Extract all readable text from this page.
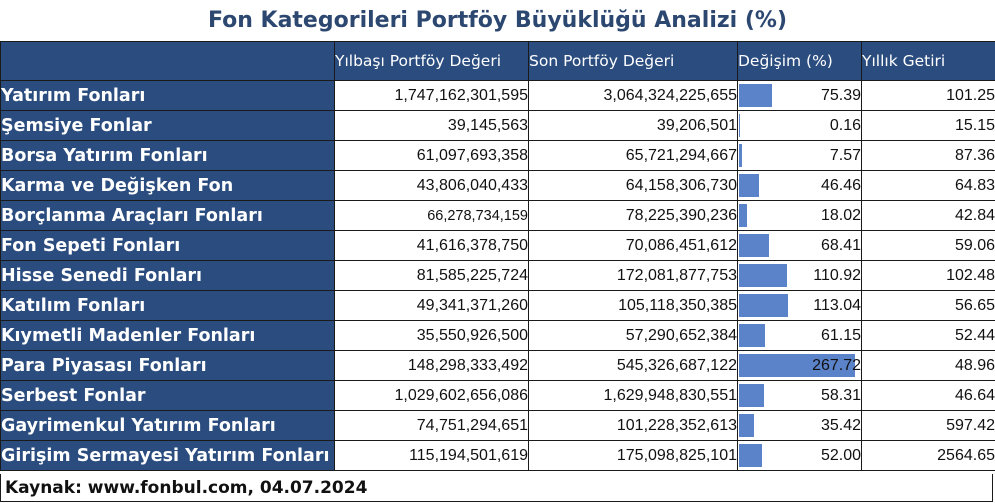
Fon Kategorileri Portföy Büyüklüğü Analizi (%)
	Yılbaşı Portföy Değeri	Son Portföy Değeri	Değişim (%)	Yıllık Getiri
Yatırım Fonları	1,747,162,301,595	3,064,324,225,655	75.39	101.25
Şemsiye Fonlar	39,145,563	39,206,501	0.16	15.15
Borsa Yatırım Fonları	61,097,693,358	65,721,294,667	7.57	87.36
Karma ve Değişken Fon	43,806,040,433	64,158,306,730	46.46	64.83
Borçlanma Araçları Fonları	66,278,734,159	78,225,390,236	18.02	42.84
Fon Sepeti Fonları	41,616,378,750	70,086,451,612	68.41	59.06
Hisse Senedi Fonları	81,585,225,724	172,081,877,753	110.92	102.48
Katılım Fonları	49,341,371,260	105,118,350,385	113.04	56.65
Kıymetli Madenler Fonları	35,550,926,500	57,290,652,384	61.15	52.44
Para Piyasası Fonları	148,298,333,492	545,326,687,122	267.72	48.96
Serbest Fonlar	1,029,602,656,086	1,629,948,830,551	58.31	46.64
Gayrimenkul Yatırım Fonları	74,751,294,651	101,228,352,613	35.42	597.42
Girişim Sermayesi Yatırım Fonları	115,194,501,619	175,098,825,101	52.00	2564.65
Kaynak: www.fonbul.com, 04.07.2024
